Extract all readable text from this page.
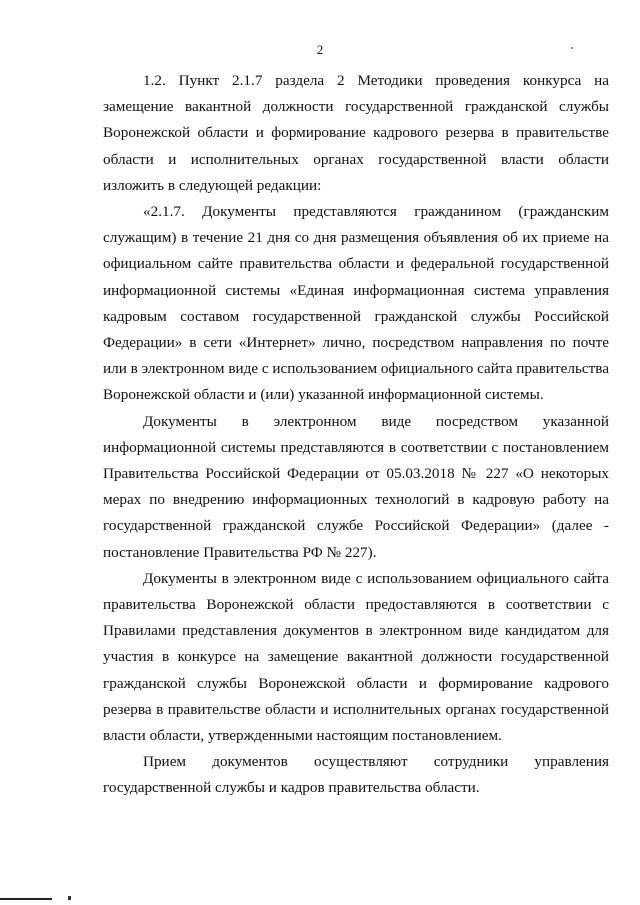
2

1.2. Пункт 2.1.7 раздела 2 Методики проведения конкурса на замещение вакантной должности государственной гражданской службы Воронежской области и формирование кадрового резерва в правительстве области и исполнительных органах государственной власти области изложить в следующей редакции:

«2.1.7. Документы представляются гражданином (гражданским служащим) в течение 21 дня со дня размещения объявления об их приеме на официальном сайте правительства области и федеральной государственной информационной системы «Единая информационная система управления кадровым составом государственной гражданской службы Российской Федерации» в сети «Интернет» лично, посредством направления по почте или в электронном виде с использованием официального сайта правительства Воронежской области и (или) указанной информационной системы.

Документы в электронном виде посредством указанной информационной системы представляются в соответствии с постановлением Правительства Российской Федерации от 05.03.2018 № 227 «О некоторых мерах по внедрению информационных технологий в кадровую работу на государственной гражданской службе Российской Федерации» (далее - постановление Правительства РФ № 227).

Документы в электронном виде с использованием официального сайта правительства Воронежской области предоставляются в соответствии с Правилами представления документов в электронном виде кандидатом для участия в конкурсе на замещение вакантной должности государственной гражданской службы Воронежской области и формирование кадрового резерва в правительстве области и исполнительных органах государственной власти области, утвержденными настоящим постановлением.

Прием документов осуществляют сотрудники управления государственной службы и кадров правительства области.
